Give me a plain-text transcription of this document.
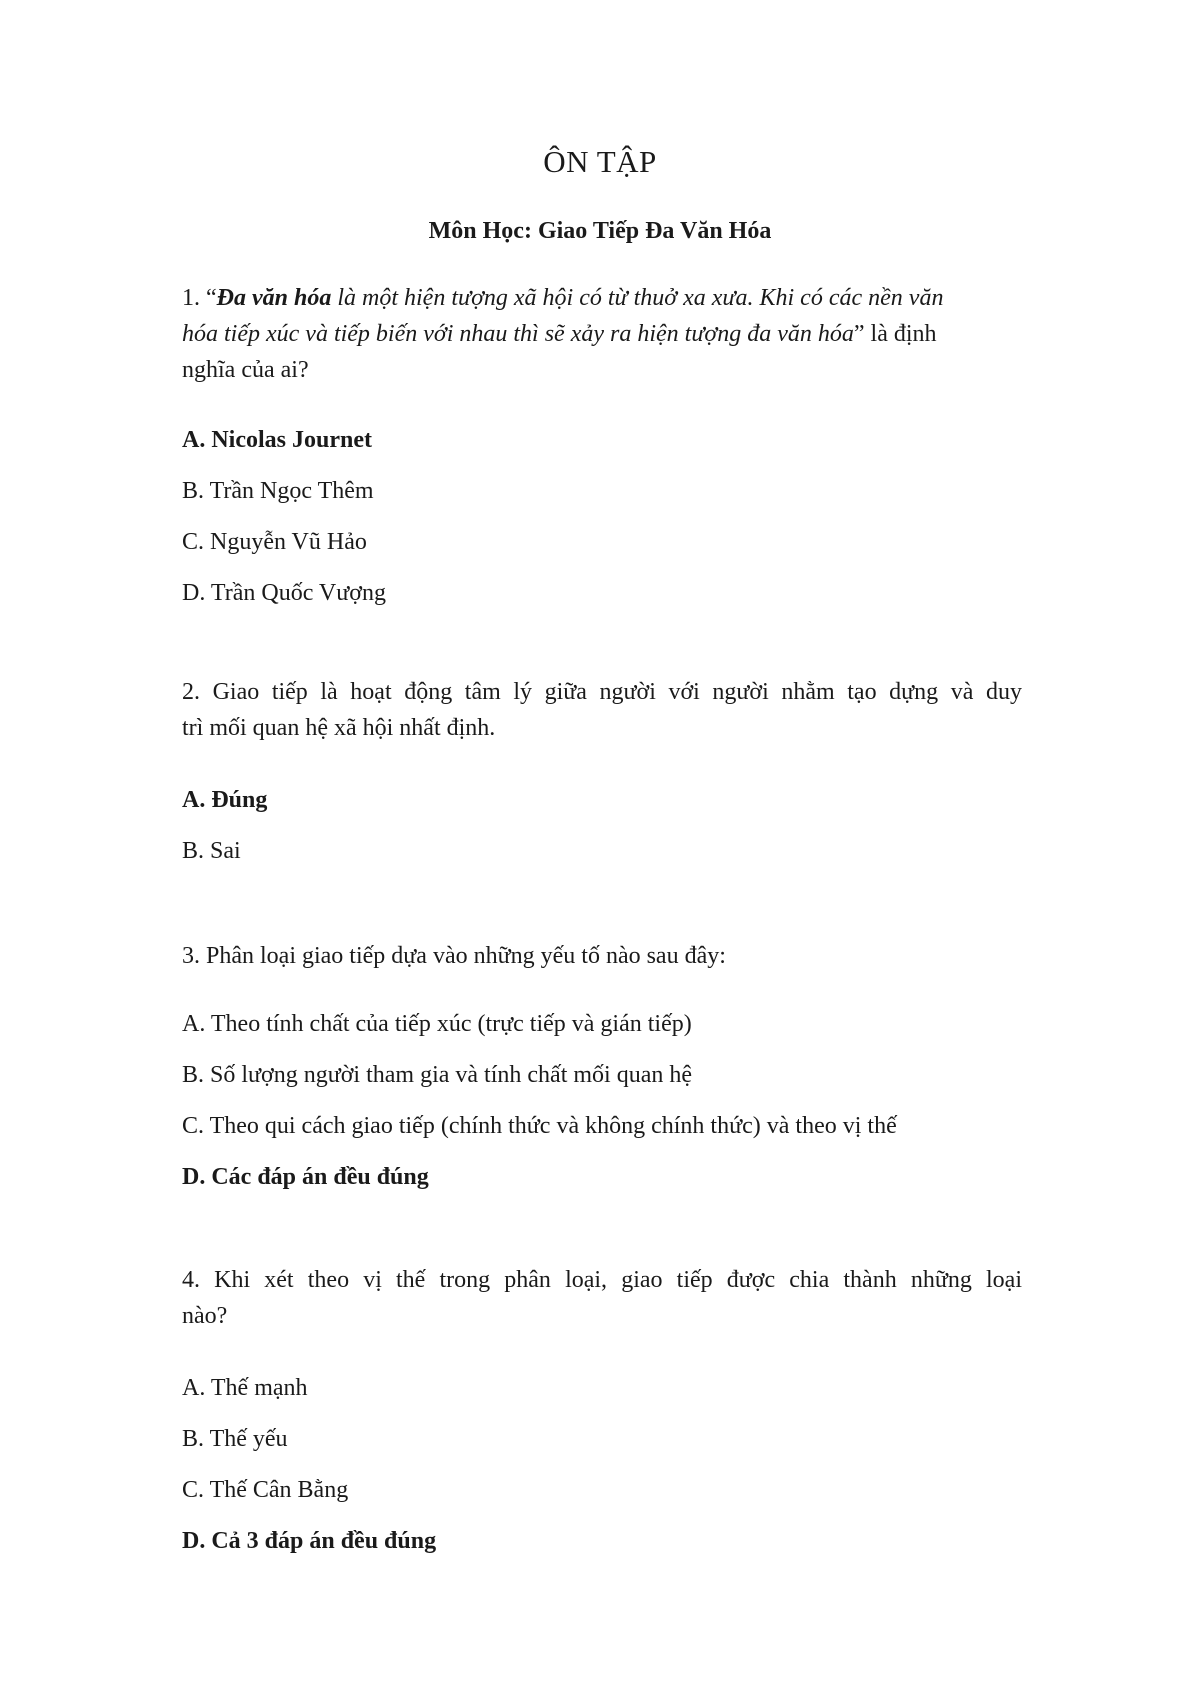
ÔN TẬP
Môn Học: Giao Tiếp Đa Văn Hóa
1. “Đa văn hóa là một hiện tượng xã hội có từ thuở xa xưa. Khi có các nền văn
hóa tiếp xúc và tiếp biến với nhau thì sẽ xảy ra hiện tượng đa văn hóa” là định
nghĩa của ai?
A. Nicolas Journet
B. Trần Ngọc Thêm
C. Nguyễn Vũ Hảo
D. Trần Quốc Vượng
2. Giao tiếp là hoạt động tâm lý giữa người với người nhằm tạo dựng và duy
trì mối quan hệ xã hội nhất định.
A. Đúng
B. Sai
3. Phân loại giao tiếp dựa vào những yếu tố nào sau đây:
A. Theo tính chất của tiếp xúc (trực tiếp và gián tiếp)
B. Số lượng người tham gia và tính chất mối quan hệ
C. Theo qui cách giao tiếp (chính thức và không chính thức) và theo vị thế
D. Các đáp án đều đúng
4. Khi xét theo vị thế trong phân loại, giao tiếp được chia thành những loại
nào?
A. Thế mạnh
B. Thế yếu
C. Thế Cân Bằng
D. Cả 3 đáp án đều đúng
